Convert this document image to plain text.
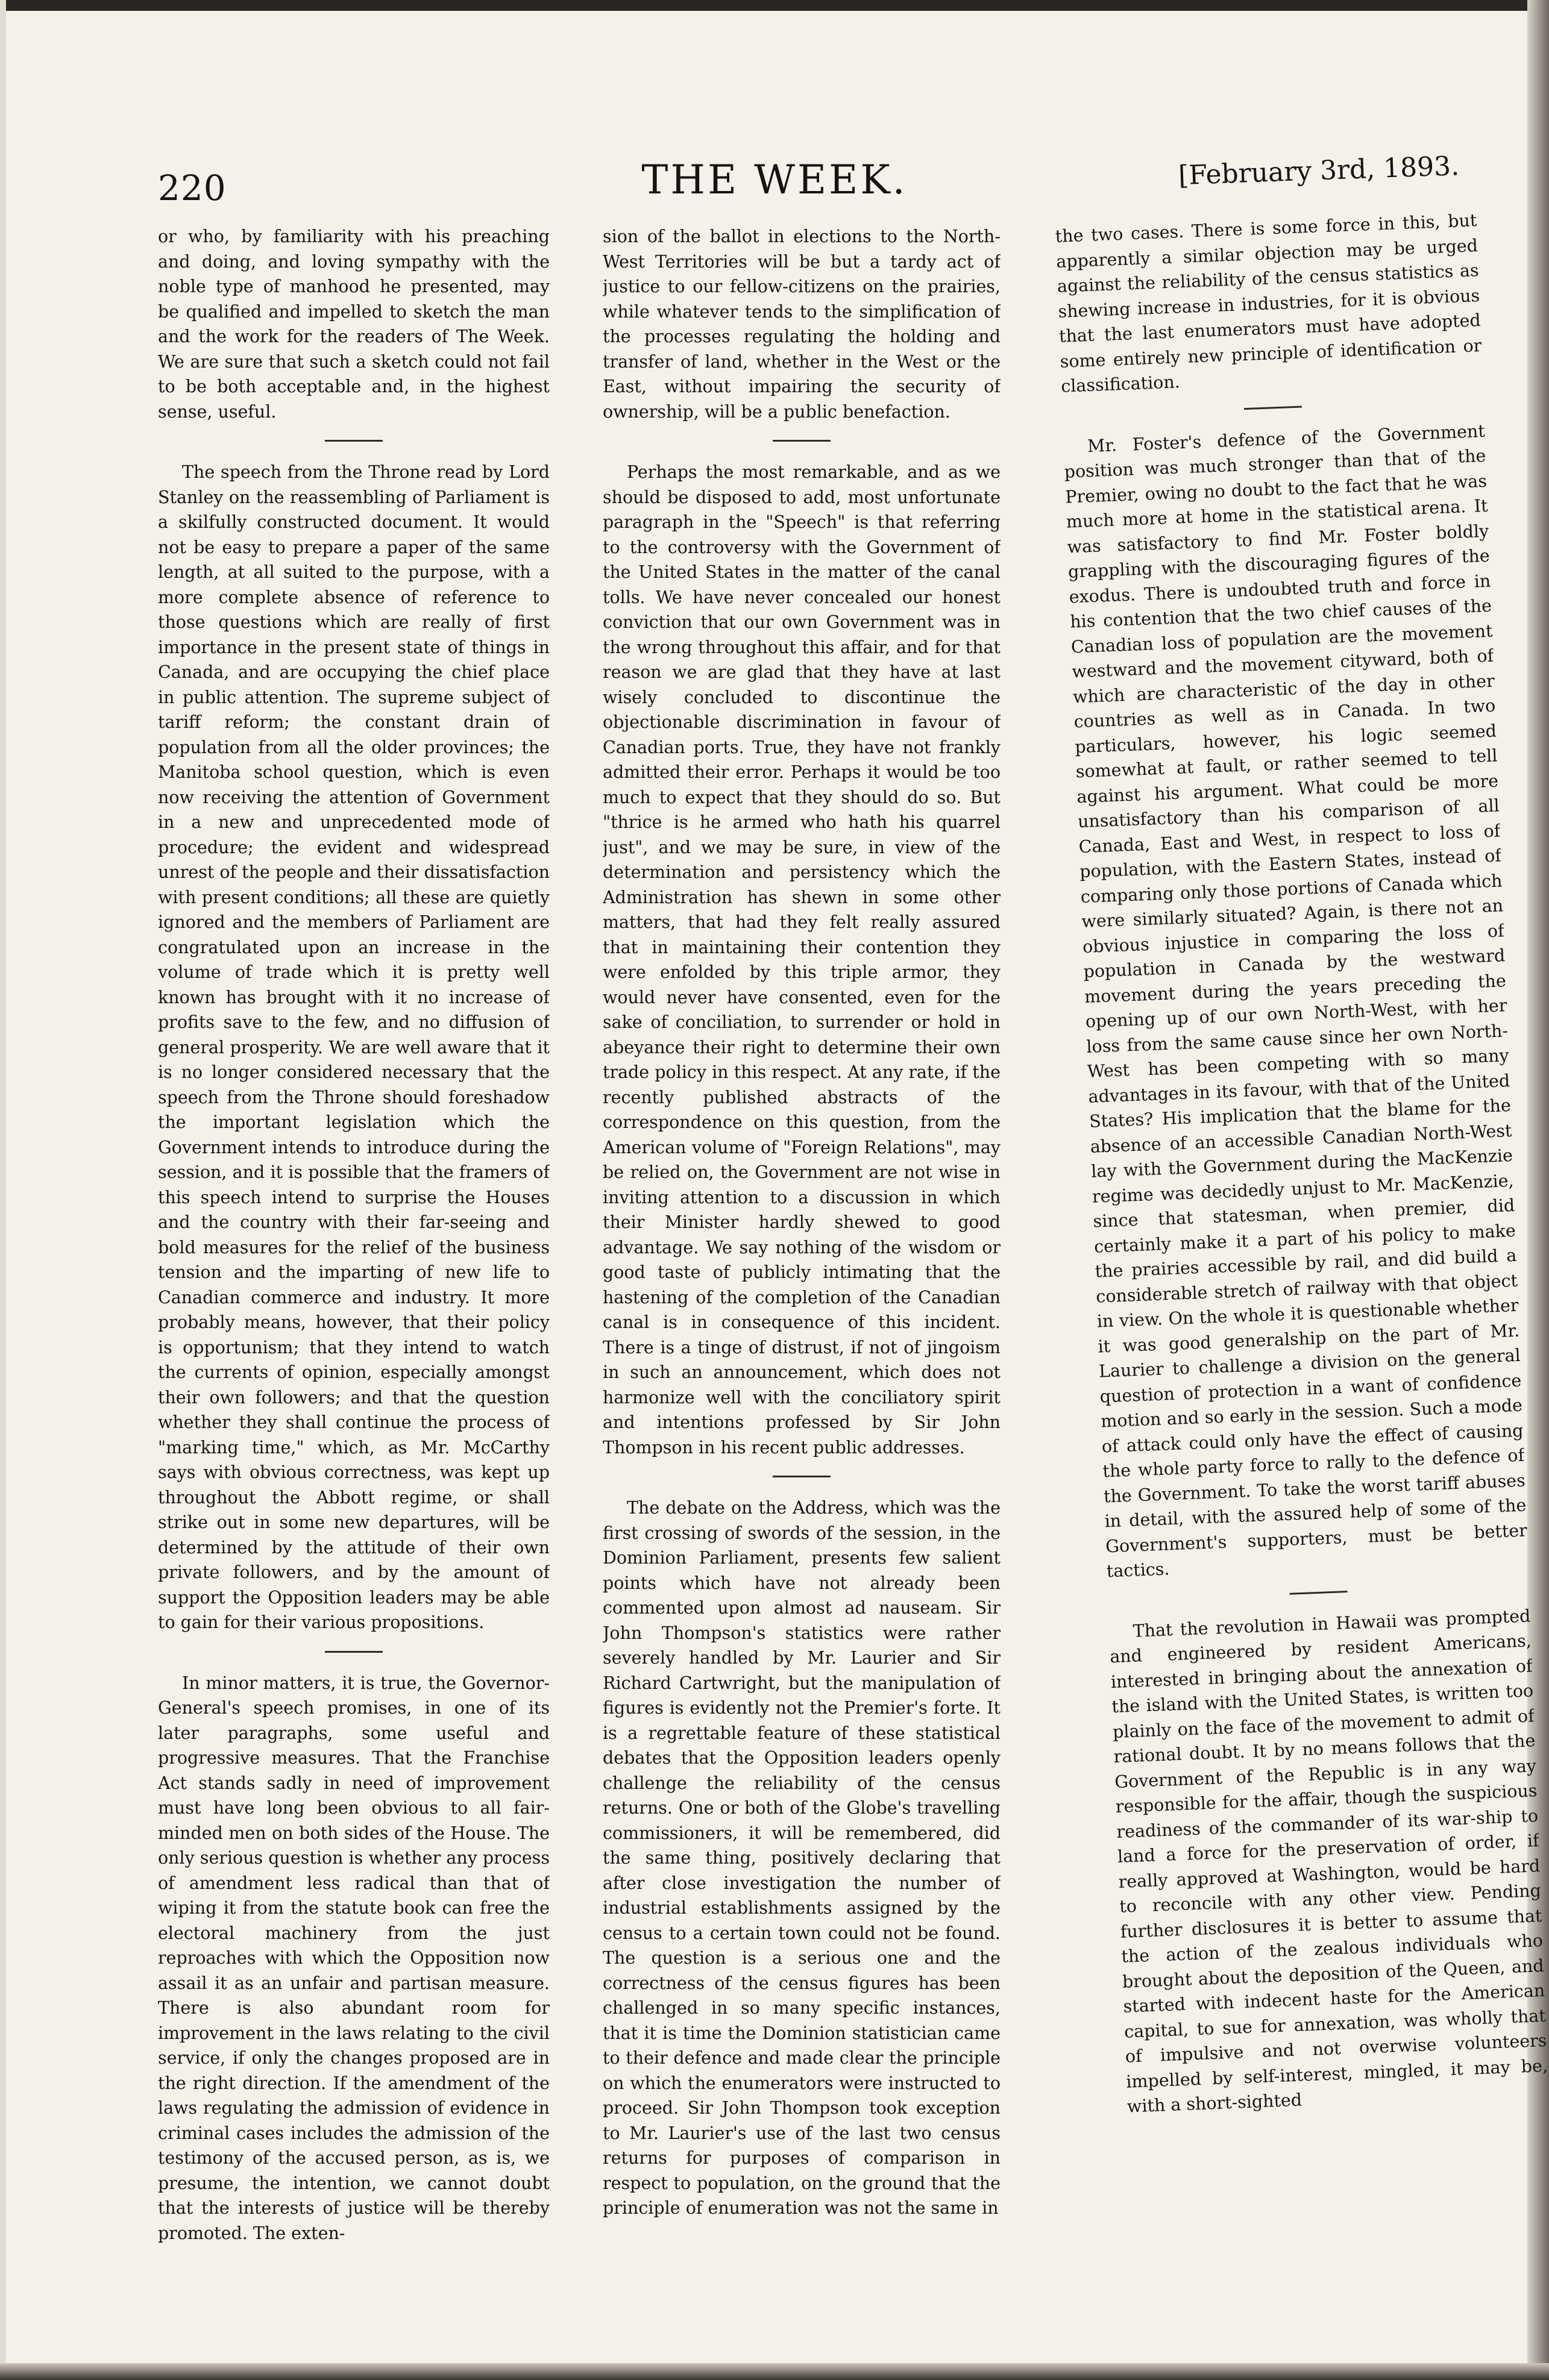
220	THE WEEK.	[February 3rd, 1893.

or who, by familiarity with his preaching and doing, and loving sympathy with the noble type of manhood he presented, may be qualified and impelled to sketch the man and the work for the readers of The Week. We are sure that such a sketch could not fail to be both acceptable and, in the highest sense, useful.

The speech from the Throne read by Lord Stanley on the reassembling of Parliament is a skilfully constructed document. It would not be easy to prepare a paper of the same length, at all suited to the purpose, with a more complete absence of reference to those questions which are really of first importance in the present state of things in Canada, and are occupying the chief place in public attention. The supreme subject of tariff reform; the constant drain of population from all the older provinces; the Manitoba school question, which is even now receiving the attention of Government in a new and unprecedented mode of procedure; the evident and widespread unrest of the people and their dissatisfaction with present conditions; all these are quietly ignored and the members of Parliament are congratulated upon an increase in the volume of trade which it is pretty well known has brought with it no increase of profits save to the few, and no diffusion of general prosperity. We are well aware that it is no longer considered necessary that the speech from the Throne should foreshadow the important legislation which the Government intends to introduce during the session, and it is possible that the framers of this speech intend to surprise the Houses and the country with their far-seeing and bold measures for the relief of the business tension and the imparting of new life to Canadian commerce and industry. It more probably means, however, that their policy is opportunism; that they intend to watch the currents of opinion, especially amongst their own followers; and that the question whether they shall continue the process of "marking time," which, as Mr. McCarthy says with obvious correctness, was kept up throughout the Abbott regime, or shall strike out in some new departures, will be determined by the attitude of their own private followers, and by the amount of support the Opposition leaders may be able to gain for their various propositions.

In minor matters, it is true, the Governor-General's speech promises, in one of its later paragraphs, some useful and progressive measures. That the Franchise Act stands sadly in need of improvement must have long been obvious to all fair-minded men on both sides of the House. The only serious question is whether any process of amendment less radical than that of wiping it from the statute book can free the electoral machinery from the just reproaches with which the Opposition now assail it as an unfair and partisan measure. There is also abundant room for improvement in the laws relating to the civil service, if only the changes proposed are in the right direction. If the amendment of the laws regulating the admission of evidence in criminal cases includes the admission of the testimony of the accused person, as is, we presume, the intention, we cannot doubt that the interests of justice will be thereby promoted. The exten-

sion of the ballot in elections to the North-West Territories will be but a tardy act of justice to our fellow-citizens on the prairies, while whatever tends to the simplification of the processes regulating the holding and transfer of land, whether in the West or the East, without impairing the security of ownership, will be a public benefaction.

Perhaps the most remarkable, and as we should be disposed to add, most unfortunate paragraph in the "Speech" is that referring to the controversy with the Government of the United States in the matter of the canal tolls. We have never concealed our honest conviction that our own Government was in the wrong throughout this affair, and for that reason we are glad that they have at last wisely concluded to discontinue the objectionable discrimination in favour of Canadian ports. True, they have not frankly admitted their error. Perhaps it would be too much to expect that they should do so. But "thrice is he armed who hath his quarrel just", and we may be sure, in view of the determination and persistency which the Administration has shewn in some other matters, that had they felt really assured that in maintaining their contention they were enfolded by this triple armor, they would never have consented, even for the sake of conciliation, to surrender or hold in abeyance their right to determine their own trade policy in this respect. At any rate, if the recently published abstracts of the correspondence on this question, from the American volume of "Foreign Relations", may be relied on, the Government are not wise in inviting attention to a discussion in which their Minister hardly shewed to good advantage. We say nothing of the wisdom or good taste of publicly intimating that the hastening of the completion of the Canadian canal is in consequence of this incident. There is a tinge of distrust, if not of jingoism in such an announcement, which does not harmonize well with the conciliatory spirit and intentions professed by Sir John Thompson in his recent public addresses.

The debate on the Address, which was the first crossing of swords of the session, in the Dominion Parliament, presents few salient points which have not already been commented upon almost ad nauseam. Sir John Thompson's statistics were rather severely handled by Mr. Laurier and Sir Richard Cartwright, but the manipulation of figures is evidently not the Premier's forte. It is a regrettable feature of these statistical debates that the Opposition leaders openly challenge the reliability of the census returns. One or both of the Globe's travelling commissioners, it will be remembered, did the same thing, positively declaring that after close investigation the number of industrial establishments assigned by the census to a certain town could not be found. The question is a serious one and the correctness of the census figures has been challenged in so many specific instances, that it is time the Dominion statistician came to their defence and made clear the principle on which the enumerators were instructed to proceed. Sir John Thompson took exception to Mr. Laurier's use of the last two census returns for purposes of comparison in respect to population, on the ground that the principle of enumeration was not the same in

the two cases. There is some force in this, but apparently a similar objection may be urged against the reliability of the census statistics as shewing increase in industries, for it is obvious that the last enumerators must have adopted some entirely new principle of identification or classification.

Mr. Foster's defence of the Government position was much stronger than that of the Premier, owing no doubt to the fact that he was much more at home in the statistical arena. It was satisfactory to find Mr. Foster boldly grappling with the discouraging figures of the exodus. There is undoubted truth and force in his contention that the two chief causes of the Canadian loss of population are the movement westward and the movement cityward, both of which are characteristic of the day in other countries as well as in Canada. In two particulars, however, his logic seemed somewhat at fault, or rather seemed to tell against his argument. What could be more unsatisfactory than his comparison of all Canada, East and West, in respect to loss of population, with the Eastern States, instead of comparing only those portions of Canada which were similarly situated? Again, is there not an obvious injustice in comparing the loss of population in Canada by the westward movement during the years preceding the opening up of our own North-West, with her loss from the same cause since her own North-West has been competing with so many advantages in its favour, with that of the United States? His implication that the blame for the absence of an accessible Canadian North-West lay with the Government during the MacKenzie regime was decidedly unjust to Mr. MacKenzie, since that statesman, when premier, did certainly make it a part of his policy to make the prairies accessible by rail, and did build a considerable stretch of railway with that object in view. On the whole it is questionable whether it was good generalship on the part of Mr. Laurier to challenge a division on the general question of protection in a want of confidence motion and so early in the session. Such a mode of attack could only have the effect of causing the whole party force to rally to the defence of the Government. To take the worst tariff abuses in detail, with the assured help of some of the Government's supporters, must be better tactics.

That the revolution in Hawaii was prompted and engineered by resident Americans, interested in bringing about the annexation of the island with the United States, is written too plainly on the face of the movement to admit of rational doubt. It by no means follows that the Government of the Republic is in any way responsible for the affair, though the suspicious readiness of the commander of its war-ship to land a force for the preservation of order, if really approved at Washington, would be hard to reconcile with any other view. Pending further disclosures it is better to assume that the action of the zealous individuals who brought about the deposition of the Queen, and started with indecent haste for the American capital, to sue for annexation, was wholly that of impulsive and not overwise volunteers impelled by self-interest, mingled, it may be, with a short-sighted
